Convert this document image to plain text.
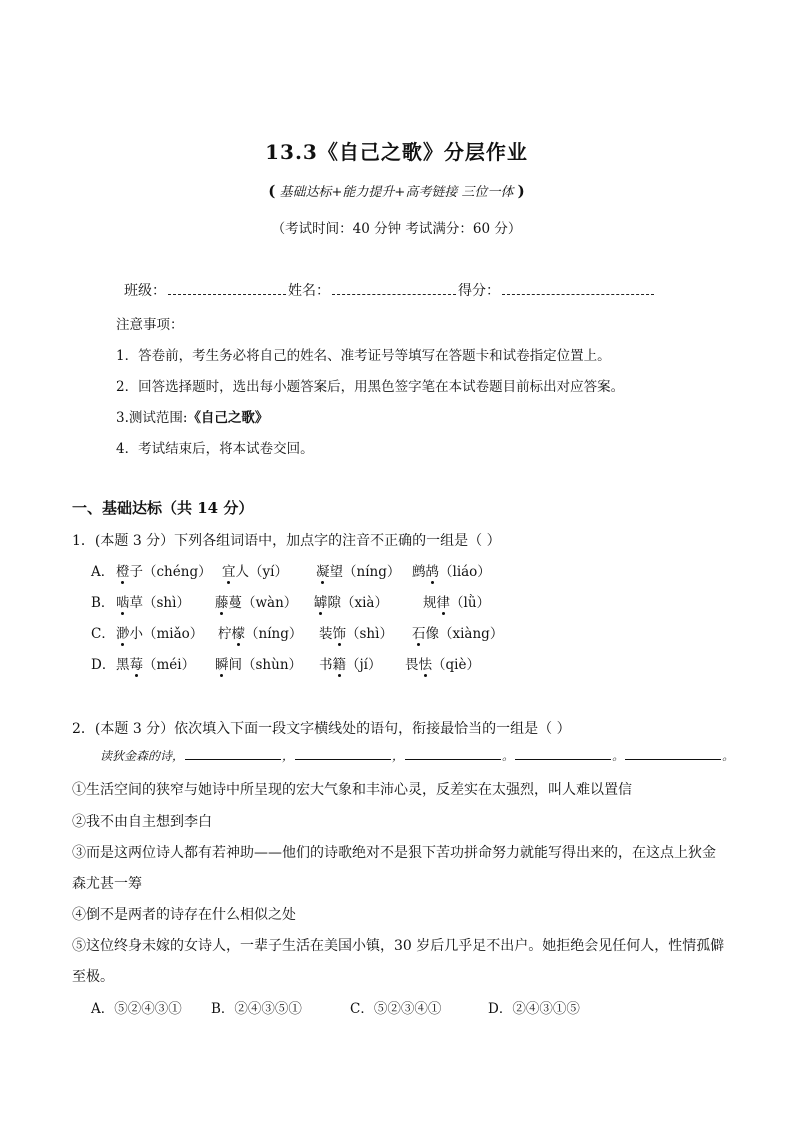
13.3《自己之歌》分层作业
( 基础达标+能力提升+高考链接 三位一体 )
（考试时间：40 分钟 考试满分：60 分）
班级：	姓名：	得分：
注意事项：
1．答卷前，考生务必将自己的姓名、准考证号等填写在答题卡和试卷指定位置上。
2．回答选择题时，选出每小题答案后，用黑色签字笔在本试卷题目前标出对应答案。
3.测试范围:《自己之歌》
4．考试结束后，将本试卷交回。
一、基础达标（共 14 分）
1．(本题 3 分）下列各组词语中，加点字的注音不正确的一组是（ ）
A． 橙子（chéng） 宜人（yí） 凝望（níng） 鹧鸪（liáo）
B． 啮草（shì） 藤蔓（wàn） 罅隙（xià）	规律（lǜ）
C． 渺小（miǎo） 柠檬（níng） 装饰（shì） 石像（xiàng）
D． 黑莓（méi） 瞬间（shùn） 书籍（jí） 畏怯（qiè）
2．(本题 3 分）依次填入下面一段文字横线处的语句，衔接最恰当的一组是（ ）
读狄金森的诗，	，	，	。	。	。
①生活空间的狭窄与她诗中所呈现的宏大气象和丰沛心灵，反差实在太强烈，叫人难以置信
②我不由自主想到李白
③而是这两位诗人都有若神助——他们的诗歌绝对不是狠下苦功拼命努力就能写得出来的，在这点上狄金
森尤甚一筹
④倒不是两者的诗存在什么相似之处
⑤这位终身未嫁的女诗人，一辈子生活在美国小镇，30 岁后几乎足不出户。她拒绝会见任何人，性情孤僻
至极。
A．⑤②④③① B．②④③⑤①	C．⑤②③④①	D．②④③①⑤
